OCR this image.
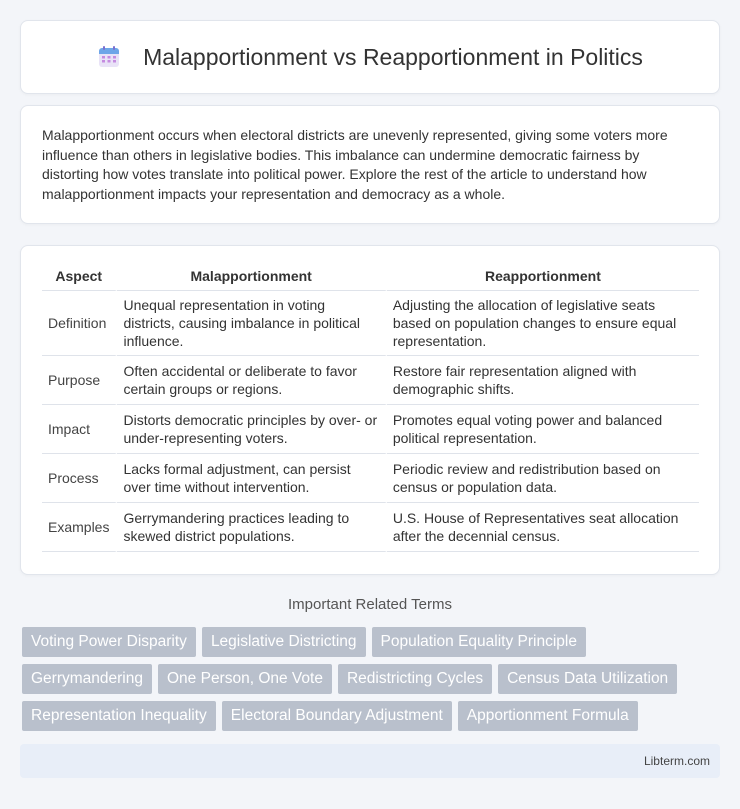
Malapportionment vs Reapportionment in Politics

Malapportionment occurs when electoral districts are unevenly represented, giving some voters more influence than others in legislative bodies. This imbalance can undermine democratic fairness by distorting how votes translate into political power. Explore the rest of the article to understand how malapportionment impacts your representation and democracy as a whole.

Aspect	Malapportionment	Reapportionment
Definition	Unequal representation in voting districts, causing imbalance in political influence.	Adjusting the allocation of legislative seats based on population changes to ensure equal representation.
Purpose	Often accidental or deliberate to favor certain groups or regions.	Restore fair representation aligned with demographic shifts.
Impact	Distorts democratic principles by over- or under-representing voters.	Promotes equal voting power and balanced political representation.
Process	Lacks formal adjustment, can persist over time without intervention.	Periodic review and redistribution based on census or population data.
Examples	Gerrymandering practices leading to skewed district populations.	U.S. House of Representatives seat allocation after the decennial census.
Important Related Terms
Voting Power Disparity	Legislative Districting	Population Equality Principle
Gerrymandering	One Person, One Vote	Redistricting Cycles	Census Data Utilization
Representation Inequality	Electoral Boundary Adjustment	Apportionment Formula
Libterm.com
